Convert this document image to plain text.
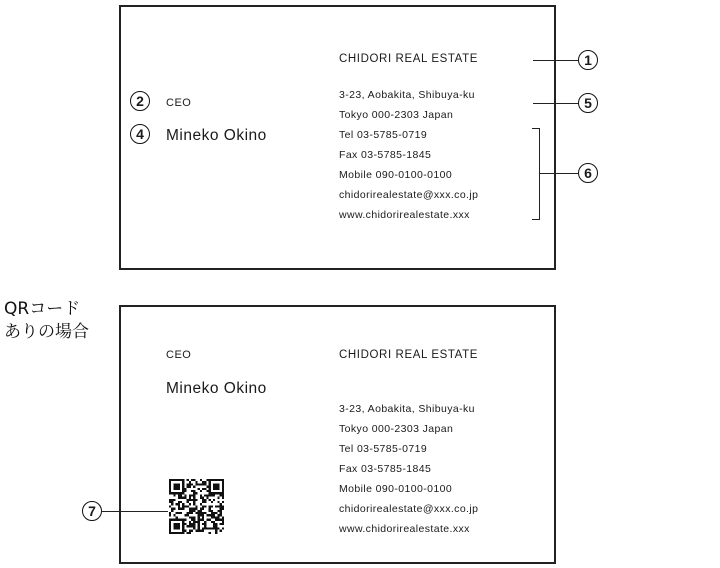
CHIDORI REAL ESTATE
CEO
Mineko Okino
3-23, Aobakita, Shibuya-ku
Tokyo 000-2303 Japan
Tel 03-5785-0719
Fax 03-5785-1845
Mobile 090-0100-0100
chidorirealestate@xxx.co.jp
www.chidorirealestate.xxx
2
4
1
5
6
QRコード
ありの場合
CEO
Mineko Okino
CHIDORI REAL ESTATE
3-23, Aobakita, Shibuya-ku
Tokyo 000-2303 Japan
Tel 03-5785-0719
Fax 03-5785-1845
Mobile 090-0100-0100
chidorirealestate@xxx.co.jp
www.chidorirealestate.xxx
7
